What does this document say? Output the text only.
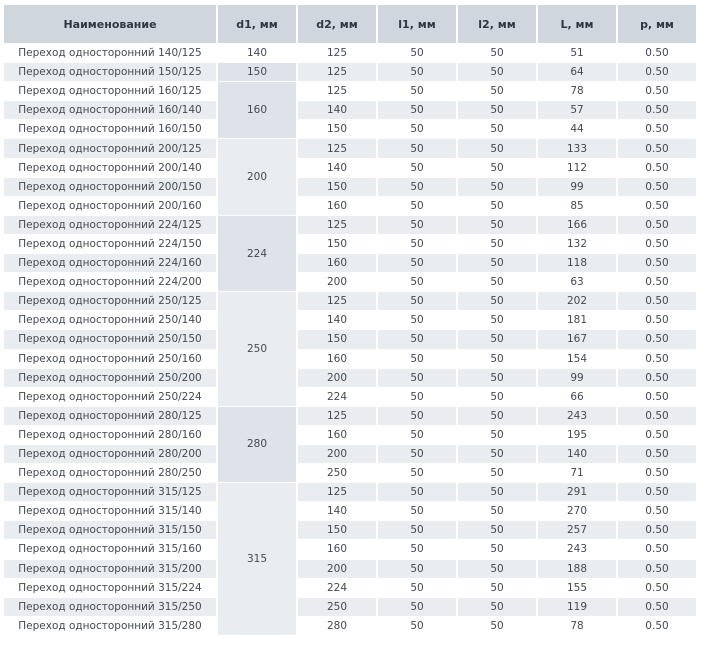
Наименование	d1, мм	d2, мм	l1, мм	l2, мм	L, мм	p, мм
Переход односторонний 140/125	140	125	50	50	51	0.50
Переход односторонний 150/125	150	125	50	50	64	0.50
Переход односторонний 160/125	160	125	50	50	78	0.50
Переход односторонний 160/140		140	50	50	57	0.50
Переход односторонний 160/150		150	50	50	44	0.50
Переход односторонний 200/125	200	125	50	50	133	0.50
Переход односторонний 200/140		140	50	50	112	0.50
Переход односторонний 200/150		150	50	50	99	0.50
Переход односторонний 200/160		160	50	50	85	0.50
Переход односторонний 224/125	224	125	50	50	166	0.50
Переход односторонний 224/150		150	50	50	132	0.50
Переход односторонний 224/160		160	50	50	118	0.50
Переход односторонний 224/200		200	50	50	63	0.50
Переход односторонний 250/125	250	125	50	50	202	0.50
Переход односторонний 250/140		140	50	50	181	0.50
Переход односторонний 250/150		150	50	50	167	0.50
Переход односторонний 250/160		160	50	50	154	0.50
Переход односторонний 250/200		200	50	50	99	0.50
Переход односторонний 250/224		224	50	50	66	0.50
Переход односторонний 280/125	280	125	50	50	243	0.50
Переход односторонний 280/160		160	50	50	195	0.50
Переход односторонний 280/200		200	50	50	140	0.50
Переход односторонний 280/250		250	50	50	71	0.50
Переход односторонний 315/125	315	125	50	50	291	0.50
Переход односторонний 315/140		140	50	50	270	0.50
Переход односторонний 315/150		150	50	50	257	0.50
Переход односторонний 315/160		160	50	50	243	0.50
Переход односторонний 315/200		200	50	50	188	0.50
Переход односторонний 315/224		224	50	50	155	0.50
Переход односторонний 315/250		250	50	50	119	0.50
Переход односторонний 315/280		280	50	50	78	0.50
